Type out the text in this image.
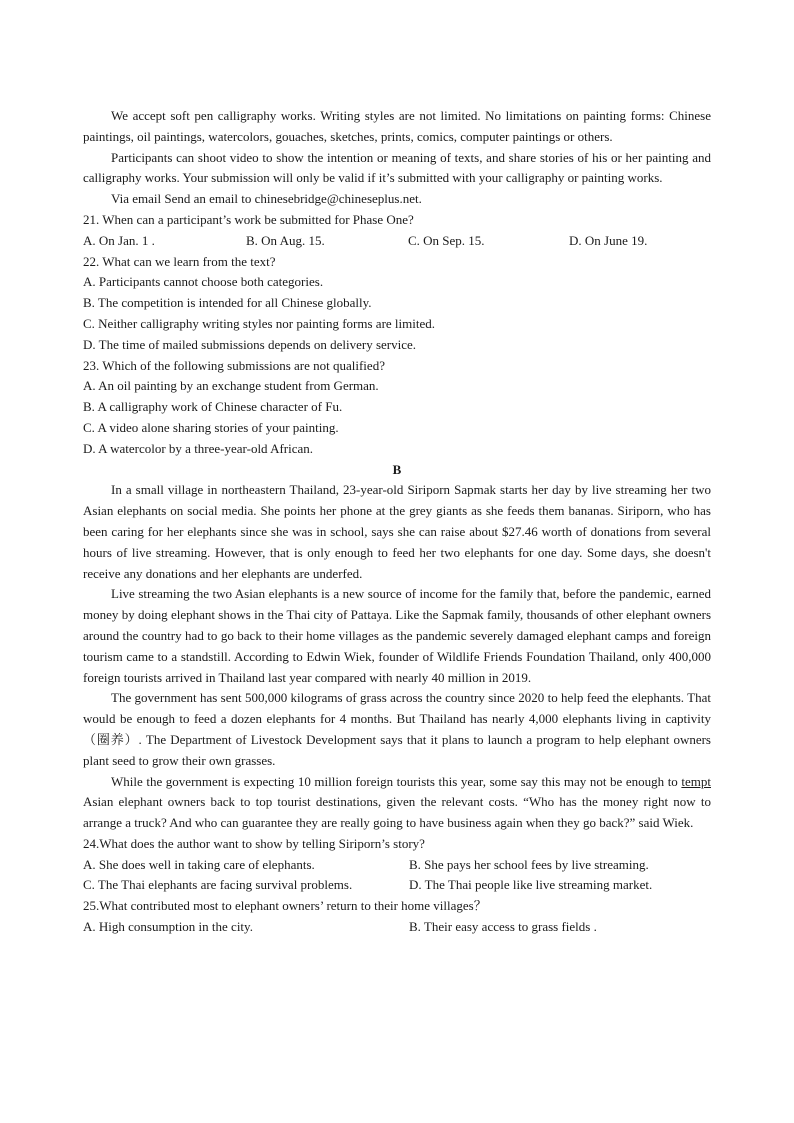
We accept soft pen calligraphy works. Writing styles are not limited. No limitations on painting forms: Chinese paintings, oil paintings, watercolors, gouaches, sketches, prints, comics, computer paintings or others.

Participants can shoot video to show the intention or meaning of texts, and share stories of his or her painting and calligraphy works. Your submission will only be valid if it’s submitted with your calligraphy or painting works.

Via email Send an email to chinesebridge@chineseplus.net.

21. When can a participant’s work be submitted for Phase One?

A. On Jan. 1 .	B. On Aug. 15.	C. On Sep. 15.	D. On June 19.

22. What can we learn from the text?

A. Participants cannot choose both categories.

B. The competition is intended for all Chinese globally.

C. Neither calligraphy writing styles nor painting forms are limited.

D. The time of mailed submissions depends on delivery service.

23. Which of the following submissions are not qualified?

A. An oil painting by an exchange student from German.

B. A calligraphy work of Chinese character of Fu.

C. A video alone sharing stories of your painting.

D. A watercolor by a three-year-old African.

B

In a small village in northeastern Thailand, 23-year-old Siriporn Sapmak starts her day by live streaming her two Asian elephants on social media. She points her phone at the grey giants as she feeds them bananas. Siriporn, who has been caring for her elephants since she was in school, says she can raise about $27.46 worth of donations from several hours of live streaming. However, that is only enough to feed her two elephants for one day. Some days, she doesn't receive any donations and her elephants are underfed.

Live streaming the two Asian elephants is a new source of income for the family that, before the pandemic, earned money by doing elephant shows in the Thai city of Pattaya. Like the Sapmak family, thousands of other elephant owners around the country had to go back to their home villages as the pandemic severely damaged elephant camps and foreign tourism came to a standstill. According to Edwin Wiek, founder of Wildlife Friends Foundation Thailand, only 400,000 foreign tourists arrived in Thailand last year compared with nearly 40 million in 2019.

The government has sent 500,000 kilograms of grass across the country since 2020 to help feed the elephants. That would be enough to feed a dozen elephants for 4 months. But Thailand has nearly 4,000 elephants living in captivity（圈养）. The Department of Livestock Development says that it plans to launch a program to help elephant owners plant seed to grow their own grasses.

While the government is expecting 10 million foreign tourists this year, some say this may not be enough to tempt Asian elephant owners back to top tourist destinations, given the relevant costs. “Who has the money right now to arrange a truck? And who can guarantee they are really going to have business again when they go back?” said Wiek.

24.What does the author want to show by telling Siriporn’s story?

A. She does well in taking care of elephants.	B. She pays her school fees by live streaming.
C. The Thai elephants are facing survival problems.	D. The Thai people like live streaming market.

25.What contributed most to elephant owners’ return to their home villages？

A. High consumption in the city.	B. Their easy access to grass fields .
